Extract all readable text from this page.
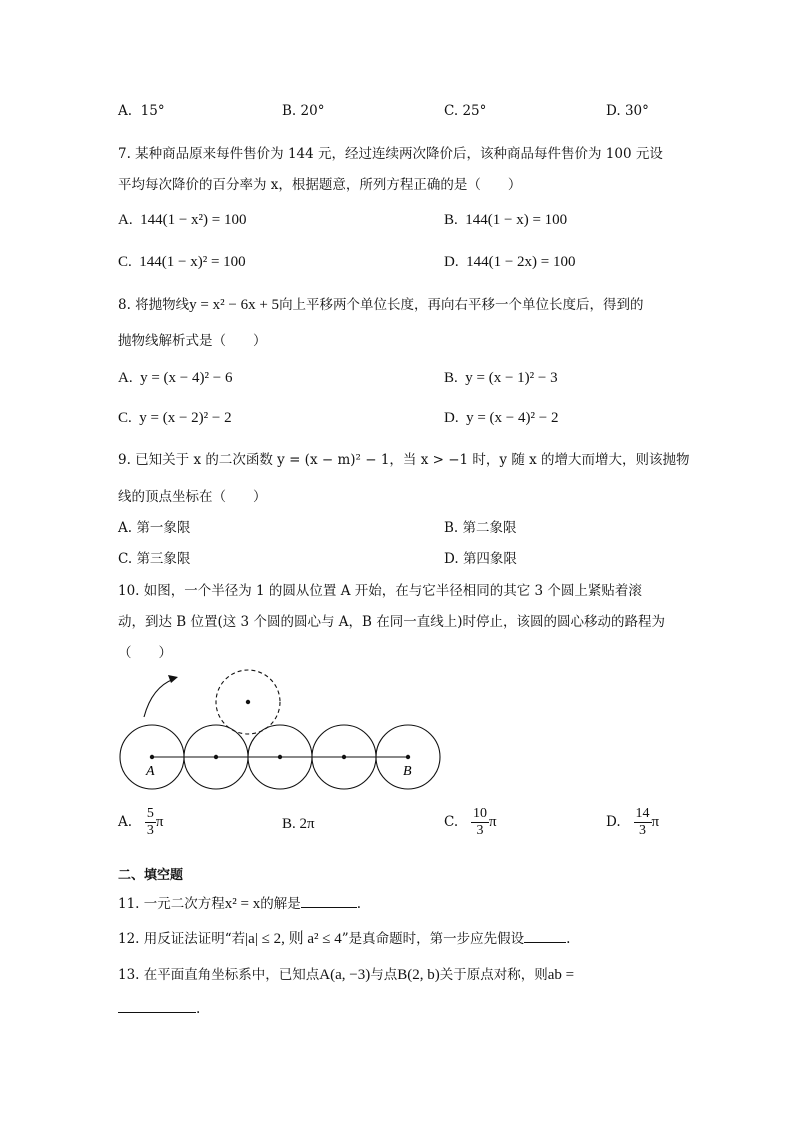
A. 15°	B. 20°	C. 25°	D. 30°
7. 某种商品原来每件售价为 144 元，经过连续两次降价后，该种商品每件售价为 100 元设
平均每次降价的百分率为 x，根据题意，所列方程正确的是（　　）
A. 144(1 − x²) = 100	B. 144(1 − x) = 100
C. 144(1 − x)² = 100	D. 144(1 − 2x) = 100
8. 将抛物线y = x² − 6x + 5向上平移两个单位长度，再向右平移一个单位长度后，得到的
抛物线解析式是（　　）
A. y = (x − 4)² − 6	B. y = (x − 1)² − 3
C. y = (x − 2)² − 2	D. y = (x − 4)² − 2
9. 已知关于 x 的二次函数 y = (x − m)² − 1，当 x > −1 时，y 随 x 的增大而增大，则该抛物
线的顶点坐标在（　　）
A. 第一象限	B. 第二象限
C. 第三象限	D. 第四象限
10. 如图，一个半径为 1 的圆从位置 A 开始，在与它半径相同的其它 3 个圆上紧贴着滚
动，到达 B 位置(这 3 个圆的圆心与 A，B 在同一直线上)时停止，该圆的圆心移动的路程为
（　　）
A	B
A. $\frac{5}{3}$ π	B. 2π	C. $\frac{10}{3}$ π	D. $\frac{14}{3}$ π
二、填空题
11. 一元二次方程x² = x的解是	.
12. 用反证法证明“若|a| ≤ 2, 则 a² ≤ 4”是真命题时，第一步应先假设	.
13. 在平面直角坐标系中，已知点A(a, −3)与点B(2, b)关于原点对称，则ab =
.
